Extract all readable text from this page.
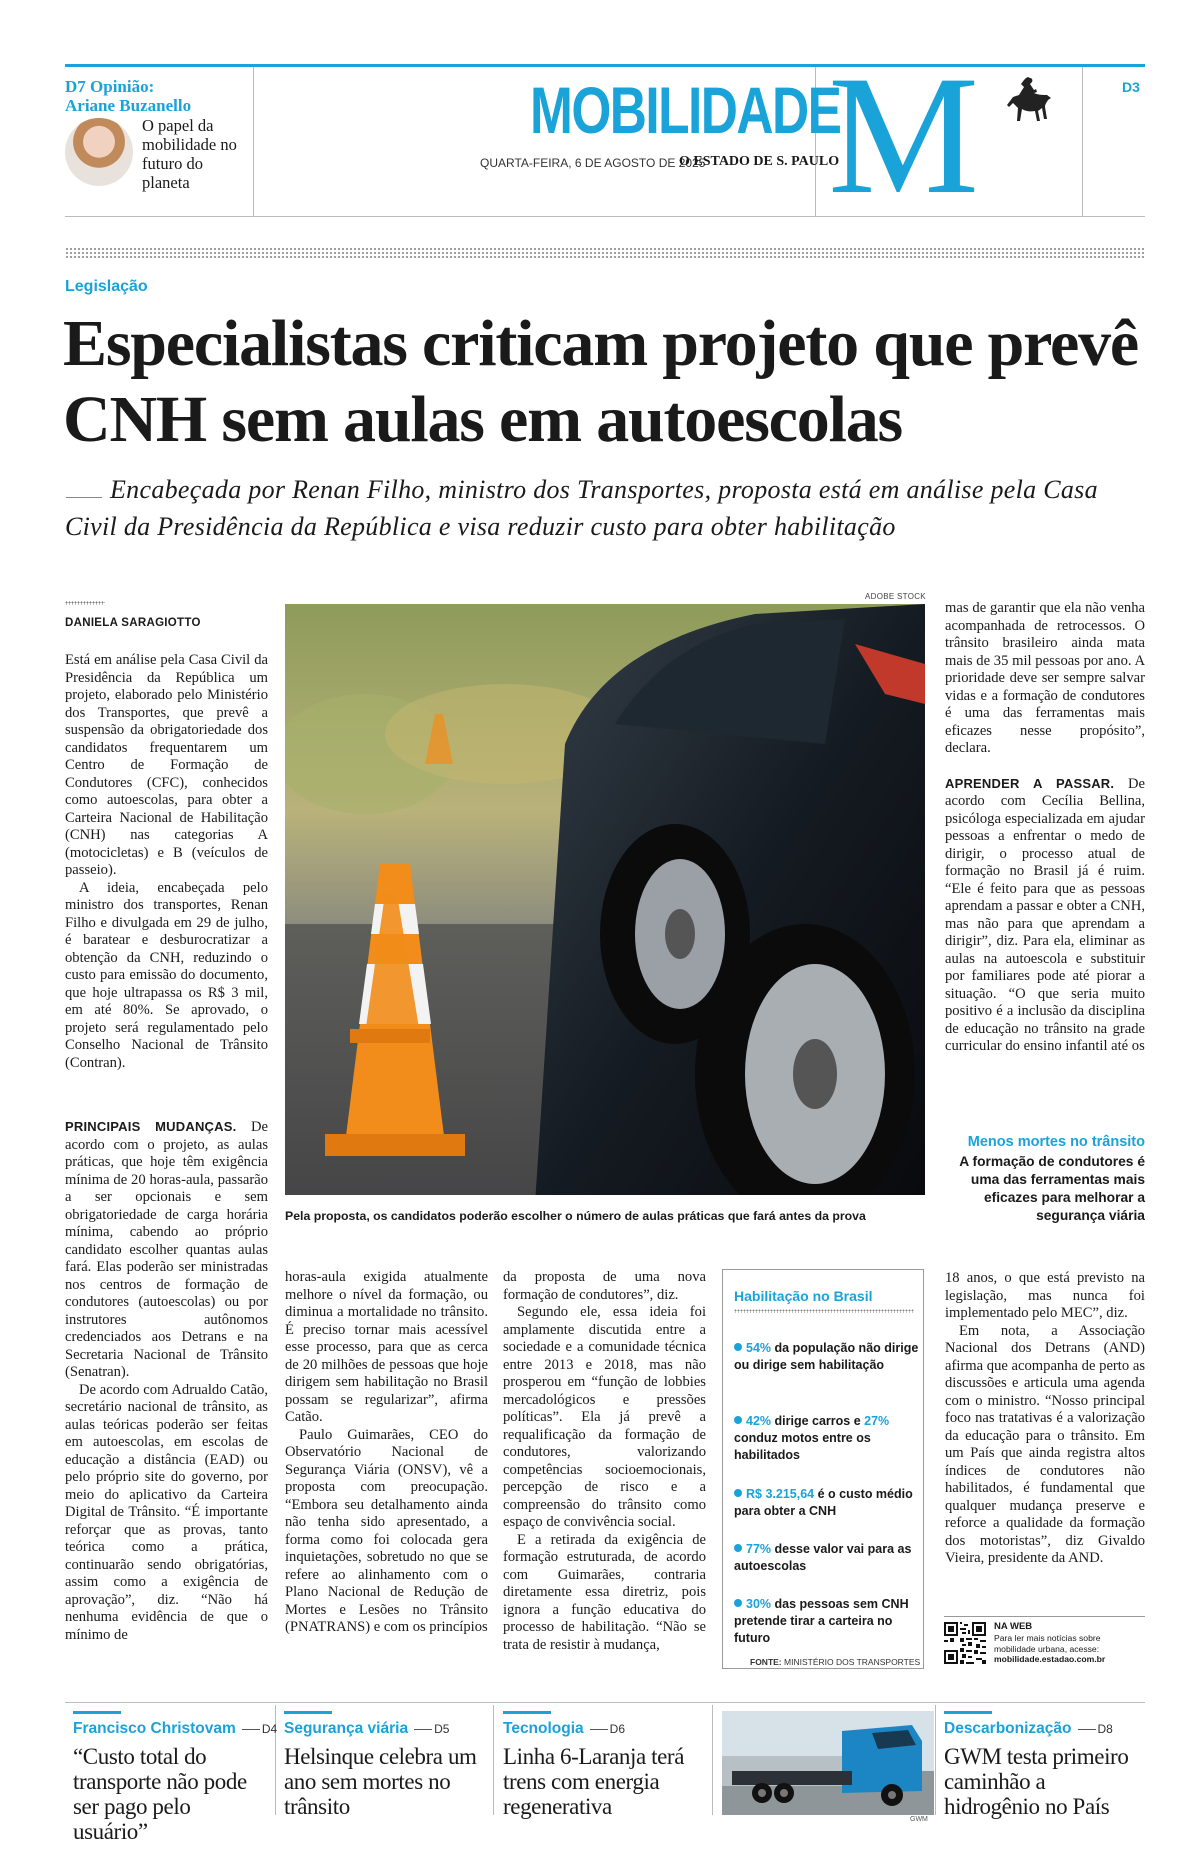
D7 Opinião:
Ariane Buzanello
O papel da mobilidade no futuro do planeta
MOBILIDADE
QUARTA-FEIRA, 6 DE AGOSTO DE 2025
O ESTADO DE S. PAULO
M	D3
Legislação
Especialistas criticam projeto que prevê CNH sem aulas em autoescolas
Encabeçada por Renan Filho, ministro dos Transportes, proposta está em análise pela Casa Civil da Presidência da República e visa reduzir custo para obter habilitação
DANIELA SARAGIOTTO

Está em análise pela Casa Civil da Presidência da República um projeto, elaborado pelo Ministério dos Transportes, que prevê a suspensão da obrigatoriedade dos candidatos frequentarem um Centro de Formação de Condutores (CFC), conhecidos como autoescolas, para obter a Carteira Nacional de Habilitação (CNH) nas categorias A (motocicletas) e B (veículos de passeio).

A ideia, encabeçada pelo ministro dos transportes, Renan Filho e divulgada em 29 de julho, é baratear e desburocratizar a obtenção da CNH, reduzindo o custo para emissão do documento, que hoje ultrapassa os R$ 3 mil, em até 80%. Se aprovado, o projeto será regulamentado pelo Conselho Nacional de Trânsito (Contran).

PRINCIPAIS MUDANÇAS. De acordo com o projeto, as aulas práticas, que hoje têm exigência mínima de 20 horas-aula, passarão a ser opcionais e sem obrigatoriedade de carga horária mínima, cabendo ao próprio candidato escolher quantas aulas fará. Elas poderão ser ministradas nos centros de formação de condutores (autoescolas) ou por instrutores autônomos credenciados aos Detrans e na Secretaria Nacional de Trânsito (Senatran).

De acordo com Adrualdo Catão, secretário nacional de trânsito, as aulas teóricas poderão ser feitas em autoescolas, em escolas de educação a distância (EAD) ou pelo próprio site do governo, por meio do aplicativo da Carteira Digital de Trânsito. “É importante reforçar que as provas, tanto teórica como a prática, continuarão sendo obrigatórias, assim como a exigência de aprovação”, diz. “Não há nenhuma evidência de que o mínimo de

ADOBE STOCK
Pela proposta, os candidatos poderão escolher o número de aulas práticas que fará antes da prova

mas de garantir que ela não venha acompanhada de retrocessos. O trânsito brasileiro ainda mata mais de 35 mil pessoas por ano. A prioridade deve ser sempre salvar vidas e a formação de condutores é uma das ferramentas mais eficazes nesse propósito”, declara.

APRENDER A PASSAR. De acordo com Cecília Bellina, psicóloga especializada em ajudar pessoas a enfrentar o medo de dirigir, o processo atual de formação no Brasil já é ruim. “Ele é feito para que as pessoas aprendam a passar e obter a CNH, mas não para que aprendam a dirigir”, diz. Para ela, eliminar as aulas na autoescola e substituir por familiares pode até piorar a situação. “O que seria muito positivo é a inclusão da disciplina de educação no trânsito na grade curricular do ensino infantil até os

Menos mortes no trânsito
A formação de condutores é uma das ferramentas mais eficazes para melhorar a segurança viária

18 anos, o que está previsto na legislação, mas nunca foi implementado pelo MEC”, diz.

Em nota, a Associação Nacional dos Detrans (AND) afirma que acompanha de perto as discussões e articula uma agenda com o ministro. “Nosso principal foco nas tratativas é a valorização da educação para o trânsito. Em um País que ainda registra altos índices de condutores não habilitados, é fundamental que qualquer mudança preserve e reforce a qualidade da formação dos motoristas”, diz Givaldo Vieira, presidente da AND.

horas-aula exigida atualmente melhore o nível da formação, ou diminua a mortalidade no trânsito. É preciso tornar mais acessível esse processo, para que as cerca de 20 milhões de pessoas que hoje dirigem sem habilitação no Brasil possam se regularizar”, afirma Catão.

Paulo Guimarães, CEO do Observatório Nacional de Segurança Viária (ONSV), vê a proposta com preocupação. “Embora seu detalhamento ainda não tenha sido apresentado, a forma como foi colocada gera inquietações, sobretudo no que se refere ao alinhamento com o Plano Nacional de Redução de Mortes e Lesões no Trânsito (PNATRANS) e com os princípios

da proposta de uma nova formação de condutores”, diz.

Segundo ele, essa ideia foi amplamente discutida entre a sociedade e a comunidade técnica entre 2013 e 2018, mas não prosperou em “função de lobbies mercadológicos e pressões políticas”. Ela já prevê a requalificação da formação de condutores, valorizando competências socioemocionais, percepção de risco e a compreensão do trânsito como espaço de convivência social.

E a retirada da exigência de formação estruturada, de acordo com Guimarães, contraria diretamente essa diretriz, pois ignora a função educativa do processo de habilitação. “Não se trata de resistir à mudança,

Habilitação no Brasil
54% da população não dirige ou dirige sem habilitação
42% dirige carros e 27% conduz motos entre os habilitados
R$ 3.215,64 é o custo médio para obter a CNH
77% desse valor vai para as autoescolas
30% das pessoas sem CNH pretende tirar a carteira no futuro
FONTE: MINISTÉRIO DOS TRANSPORTES
NA WEB
Para ler mais notícias sobre mobilidade urbana, acesse:
mobilidade.estadao.com.br
Francisco Christovam D4
“Custo total do transporte não pode ser pago pelo usuário”
Segurança viária D5
Helsinque celebra um ano sem mortes no trânsito
Tecnologia D6
Linha 6-Laranja terá trens com energia regenerativa
GWM
Descarbonização D8
GWM testa primeiro caminhão a hidrogênio no País
